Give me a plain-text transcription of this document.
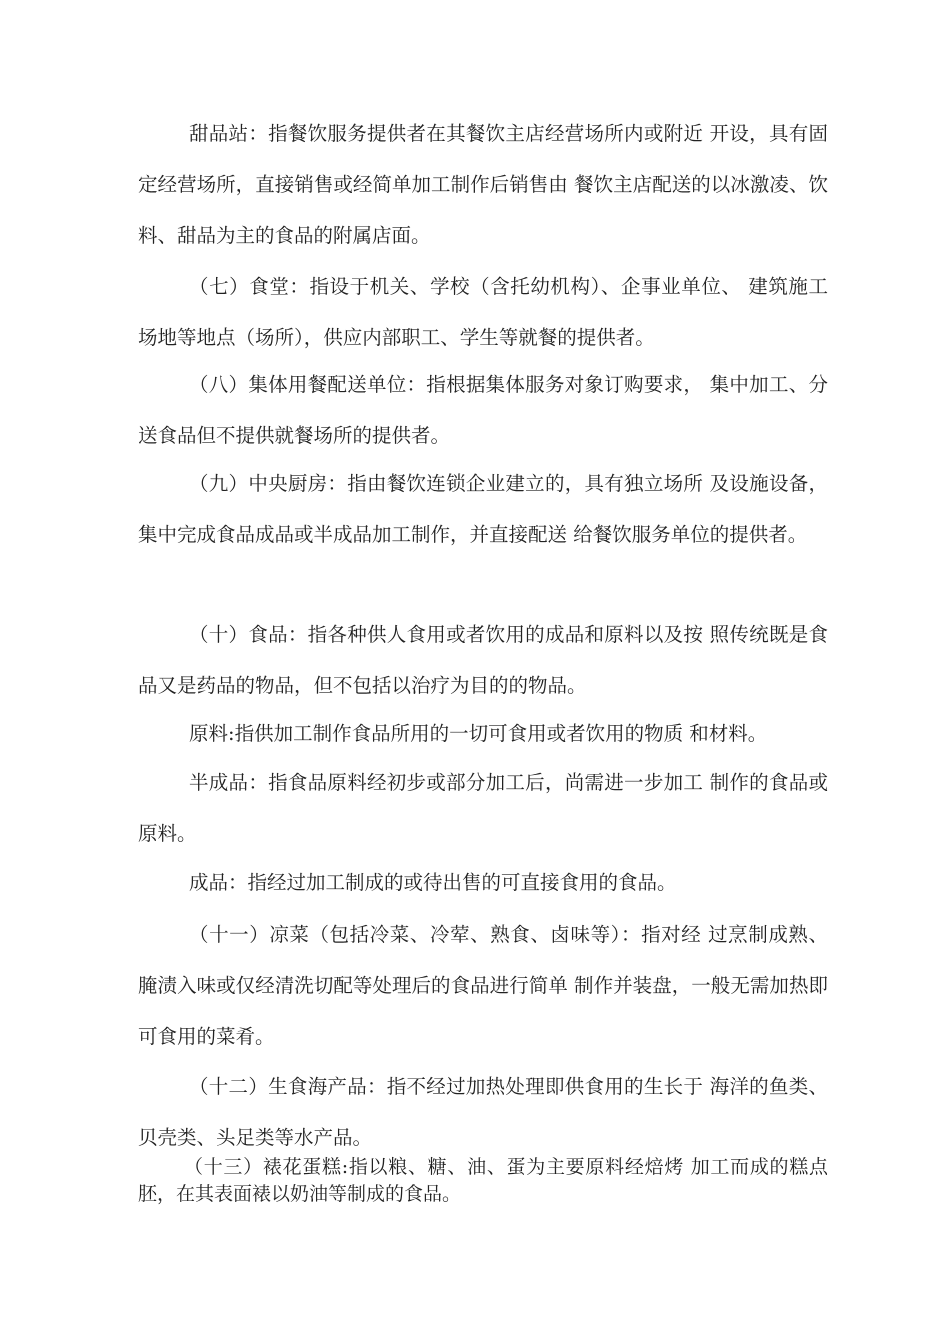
甜品站：指餐饮服务提供者在其餐饮主店经营场所内或附近 开设，具有固定经营场所，直接销售或经简单加工制作后销售由 餐饮主店配送的以冰激凌、饮料、甜品为主的食品的附属店面。

（七）食堂：指设于机关、学校（含托幼机构）、企事业单位、 建筑施工场地等地点（场所），供应内部职工、学生等就餐的提供者。

（八）集体用餐配送单位：指根据集体服务对象订购要求， 集中加工、分送食品但不提供就餐场所的提供者。

（九）中央厨房：指由餐饮连锁企业建立的，具有独立场所 及设施设备，集中完成食品成品或半成品加工制作，并直接配送 给餐饮服务单位的提供者。

（十）食品：指各种供人食用或者饮用的成品和原料以及按 照传统既是食品又是药品的物品，但不包括以治疗为目的的物品。

原料:指供加工制作食品所用的一切可食用或者饮用的物质 和材料。

半成品：指食品原料经初步或部分加工后，尚需进一步加工 制作的食品或原料。

成品：指经过加工制成的或待出售的可直接食用的食品。

（十一）凉菜（包括冷菜、冷荤、熟食、卤味等）：指对经 过烹制成熟、腌渍入味或仅经清洗切配等处理后的食品进行简单 制作并装盘，一般无需加热即可食用的菜肴。

（十二）生食海产品：指不经过加热处理即供食用的生长于 海洋的鱼类、贝壳类、头足类等水产品。

（十三）裱花蛋糕:指以粮、糖、油、蛋为主要原料经焙烤 加工而成的糕点胚，在其表面裱以奶油等制成的食品。
